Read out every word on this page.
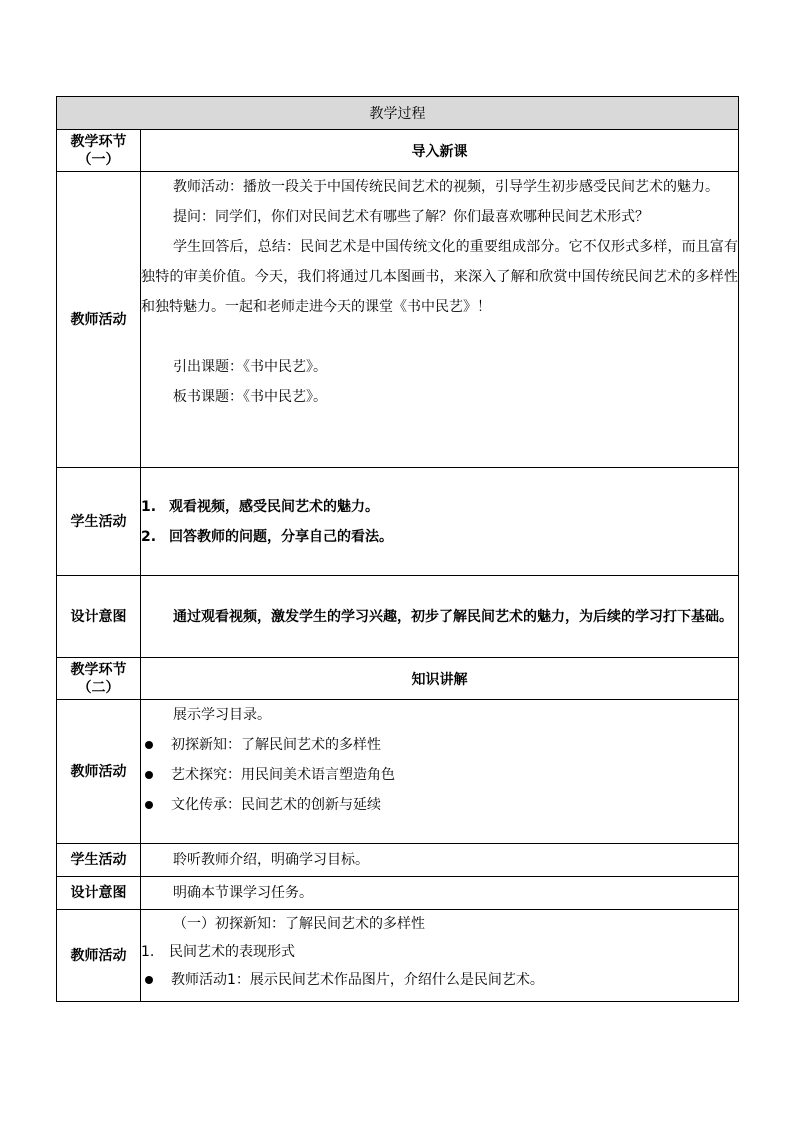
教学过程	
教学环节（一）	导入新课
教师活动	教师活动：播放一段关于中国传统民间艺术的视频，引导学生初步感受民间艺术的魅力。

提问：同学们，你们对民间艺术有哪些了解？你们最喜欢哪种民间艺术形式？

学生回答后，总结：民间艺术是中国传统文化的重要组成部分。它不仅形式多样，而且富有独特的审美价值。今天，我们将通过几本图画书，来深入了解和欣赏中国传统民间艺术的多样性和独特魅力。一起和老师走进今天的课堂《书中民艺》！

引出课题：《书中民艺》。

板书课题：《书中民艺》。

学生活动	1. 观看视频，感受民间艺术的魅力。
2. 回答教师的问题，分享自己的看法。

设计意图	通过观看视频，激发学生的学习兴趣，初步了解民间艺术的魅力，为后续的学习打下基础。

教学环节（二）	知识讲解
教师活动	展示学习目录。

初探新知：了解民间艺术的多样性
艺术探究：用民间美术语言塑造角色
文化传承：民间艺术的创新与延续

学生活动	聆听教师介绍，明确学习目标。

设计意图	明确本节课学习任务。

教师活动	（一）初探新知：了解民间艺术的多样性

1. 民间艺术的表现形式
教师活动1：展示民间艺术作品图片，介绍什么是民间艺术。
